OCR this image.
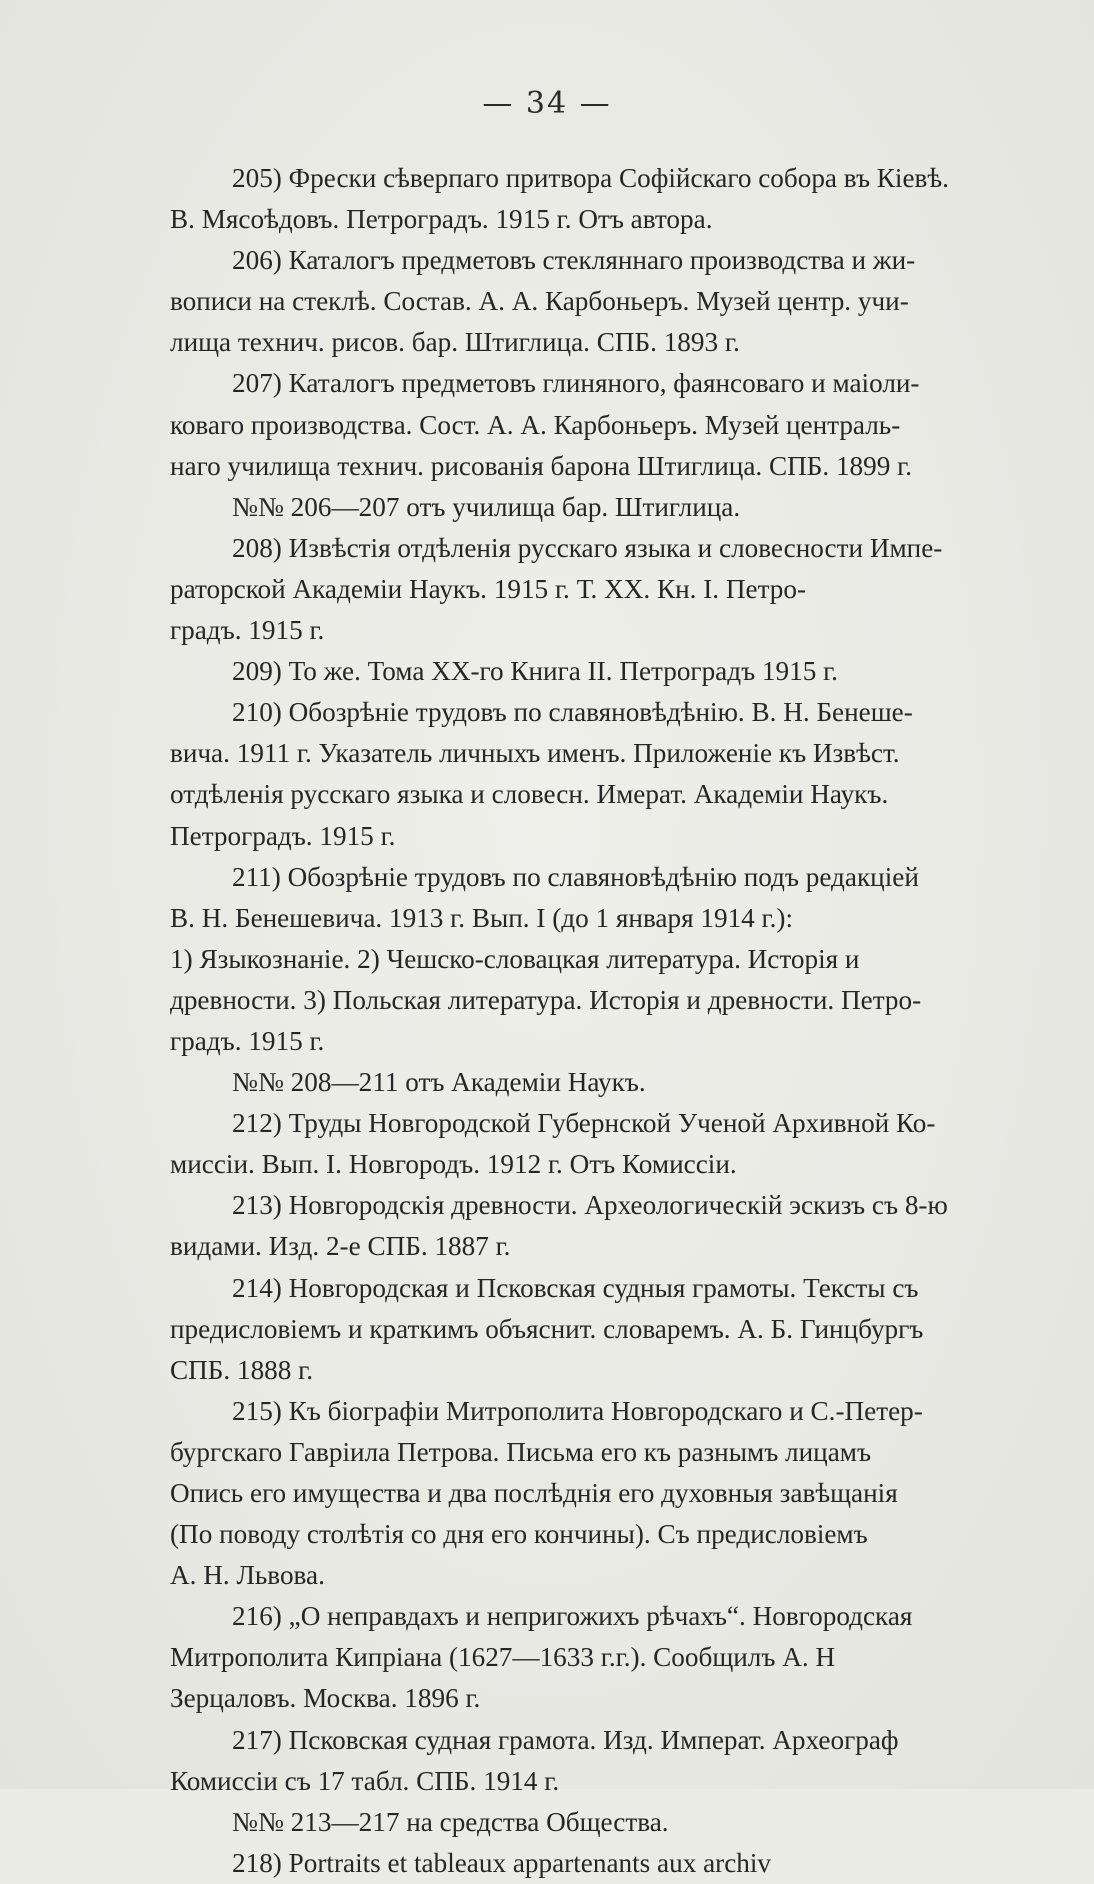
— 34 —
205) Фрески сѣверпаго притвора Софійскаго собора въ Кіевѣ.
В. Мясоѣдовъ. Петроградъ. 1915 г. Отъ автора.
206) Каталогъ предметовъ стекляннаго производства и жи-
вописи на стеклѣ. Состав. А. А. Карбоньеръ. Музей центр. учи-
лища технич. рисов. бар. Штиглица. СПБ. 1893 г.
207) Каталогъ предметовъ глиняного, фаянсоваго и маіоли-
коваго производства. Сост. А. А. Карбоньеръ. Музей централь-
наго училища технич. рисованія барона Штиглица. СПБ. 1899 г.
№№ 206—207 отъ училища бар. Штиглица.
208) Извѣстія отдѣленія русскаго языка и словесности Импе-
раторской Академіи Наукъ. 1915 г. Т. XX. Кн. I. Петро-
градъ. 1915 г.
209) То же. Тома XX-го Книга II. Петроградъ 1915 г.
210) Обозрѣніе трудовъ по славяновѣдѣнію. В. Н. Бенеше-
вича. 1911 г. Указатель личныхъ именъ. Приложеніе къ Извѣст.
отдѣленія русскаго языка и словесн. Имерат. Академіи Наукъ.
Петроградъ. 1915 г.
211) Обозрѣніе трудовъ по славяновѣдѣнію подъ редакціей
В. Н. Бенешевича. 1913 г. Вып. I (до 1 января 1914 г.):
1) Языкознаніе. 2) Чешско-словацкая литература. Исторія и
древности. 3) Польская литература. Исторія и древности. Петро-
градъ. 1915 г.
№№ 208—211 отъ Академіи Наукъ.
212) Труды Новгородской Губернской Ученой Архивной Ко-
миссіи. Вып. I. Новгородъ. 1912 г. Отъ Комиссіи.
213) Новгородскія древности. Археологическій эскизъ съ 8-ю
видами. Изд. 2-е СПБ. 1887 г.
214) Новгородская и Псковская судныя грамоты. Тексты съ
предисловіемъ и краткимъ объяснит. словаремъ. А. Б. Гинцбургъ
СПБ. 1888 г.
215) Къ біографіи Митрополита Новгородскаго и С.-Петер-
бургскаго Гавріила Петрова. Письма его къ разнымъ лицамъ
Опись его имущества и два послѣднія его духовныя завѣщанія
(По поводу столѣтія со дня его кончины). Съ предисловіемъ
А. Н. Львова.
216) „О неправдахъ и непригожихъ рѣчахъ“. Новгородская
Митрополита Кипріана (1627—1633 г.г.). Сообщилъ А. Н
Зерцаловъ. Москва. 1896 г.
217) Псковская судная грамота. Изд. Императ. Археограф
Комиссіи съ 17 табл. СПБ. 1914 г.
№№ 213—217 на средства Общества.
218) Portraits et tableaux appartenants aux archiv
